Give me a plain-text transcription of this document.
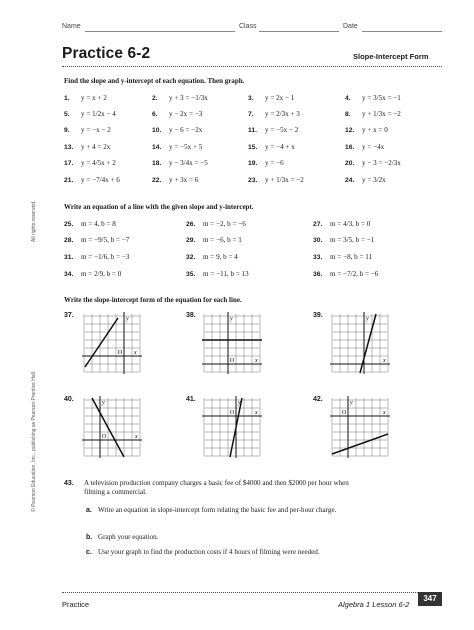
Name	Class	Date
Practice 6-2	Slope-Intercept Form
All rights reserved.
© Pearson Education, Inc., publishing as Pearson Prentice Hall.
Find the slope and y-intercept of each equation. Then graph.
1. y = x + 2	2. y + 3 = −1/3x	3. y = 2x − 1	4. y = 3/5x = −1
5. y = 1/2x − 4	6. y − 2x = −3	7. y = 2/3x + 3	8. y + 1/3x = −2
9. y = −x − 2	10. y − 6 = −2x	11. y = −5x − 2	12. y + x = 0
13. y + 4 = 2x	14. y = −5x + 5	15. y = −4 + x	16. y = −4x
17. y = 4/5x + 2	18. y − 3/4x = −5	19. y = −6	20. y − 3 = −2/3x
21. y = −7/4x + 6	22. y + 3x = 6	23. y + 1/3x = −2	24. y = 3/2x
Write an equation of a line with the given slope and y-intercept.
25. m = 4, b = 8	26. m = −2, b = −6	27. m = 4/3, b = 0
28. m = −9/5, b = −7	29. m = −6, b = 1	30. m = 3/5, b = −1
31. m = −1/6, b = −3	32. m = 9, b = 4	33. m = −8, b = 11
34. m = 2/9, b = 0	35. m = −11, b = 13	36. m = −7/2, b = −6
Write the slope-intercept form of the equation for each line.
37.	38.	39.
40.	41.	42.
y
x
O
y
x
O
y
x
y
x
O
y
x
O
y
x
O
43. A television production company charges a basic fee of $4000 and then $2000 per hour when filming a commercial.
a. Write an equation in slope-intercept form relating the basic fee and per-hour charge.
b. Graph your equation.
c. Use your graph to find the production costs if 4 hours of filming were needed.
Practice	Algebra 1 Lesson 6-2
347
